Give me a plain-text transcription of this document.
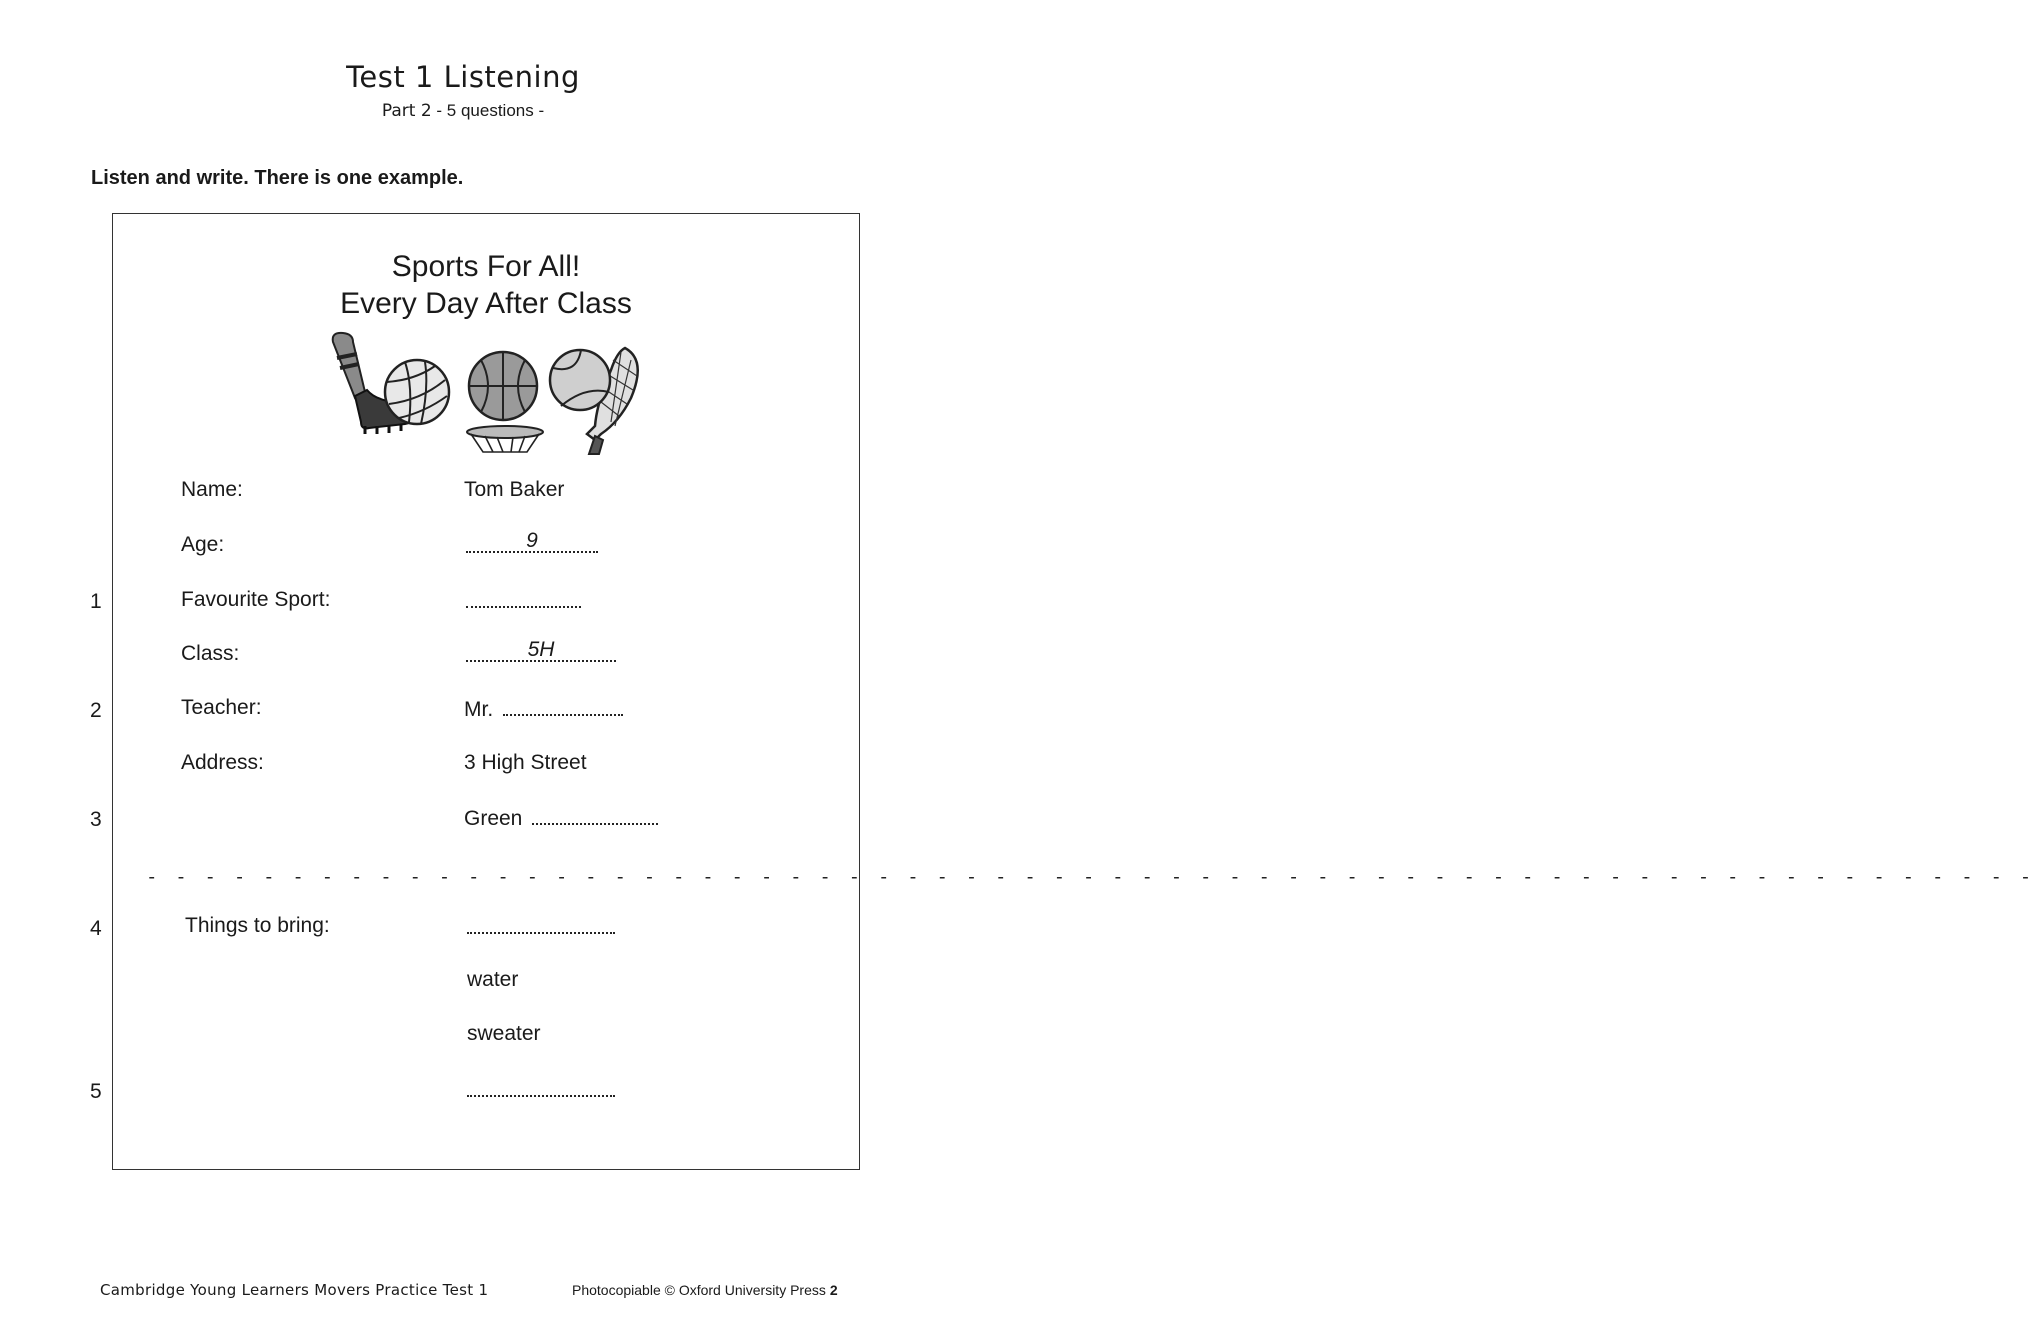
Test 1 Listening
Part 2 - 5 questions -
Listen and write. There is one example.
Sports For All!
Every Day After Class
Name:	Tom Baker
Age:	9
1	Favourite Sport:
Class:	5H
2	Teacher:	Mr.
Address:	3 High Street
3	Green
- - - - - - - - - - - - - - - - - - - - - - - - - - - - - - - - - - - - - - - - - - - - - - - - - - - - - - - - - - - - - - - - -
4	Things to bring:
water
sweater
5
Cambridge Young Learners Movers Practice Test 1	Photocopiable © Oxford University Press 2
